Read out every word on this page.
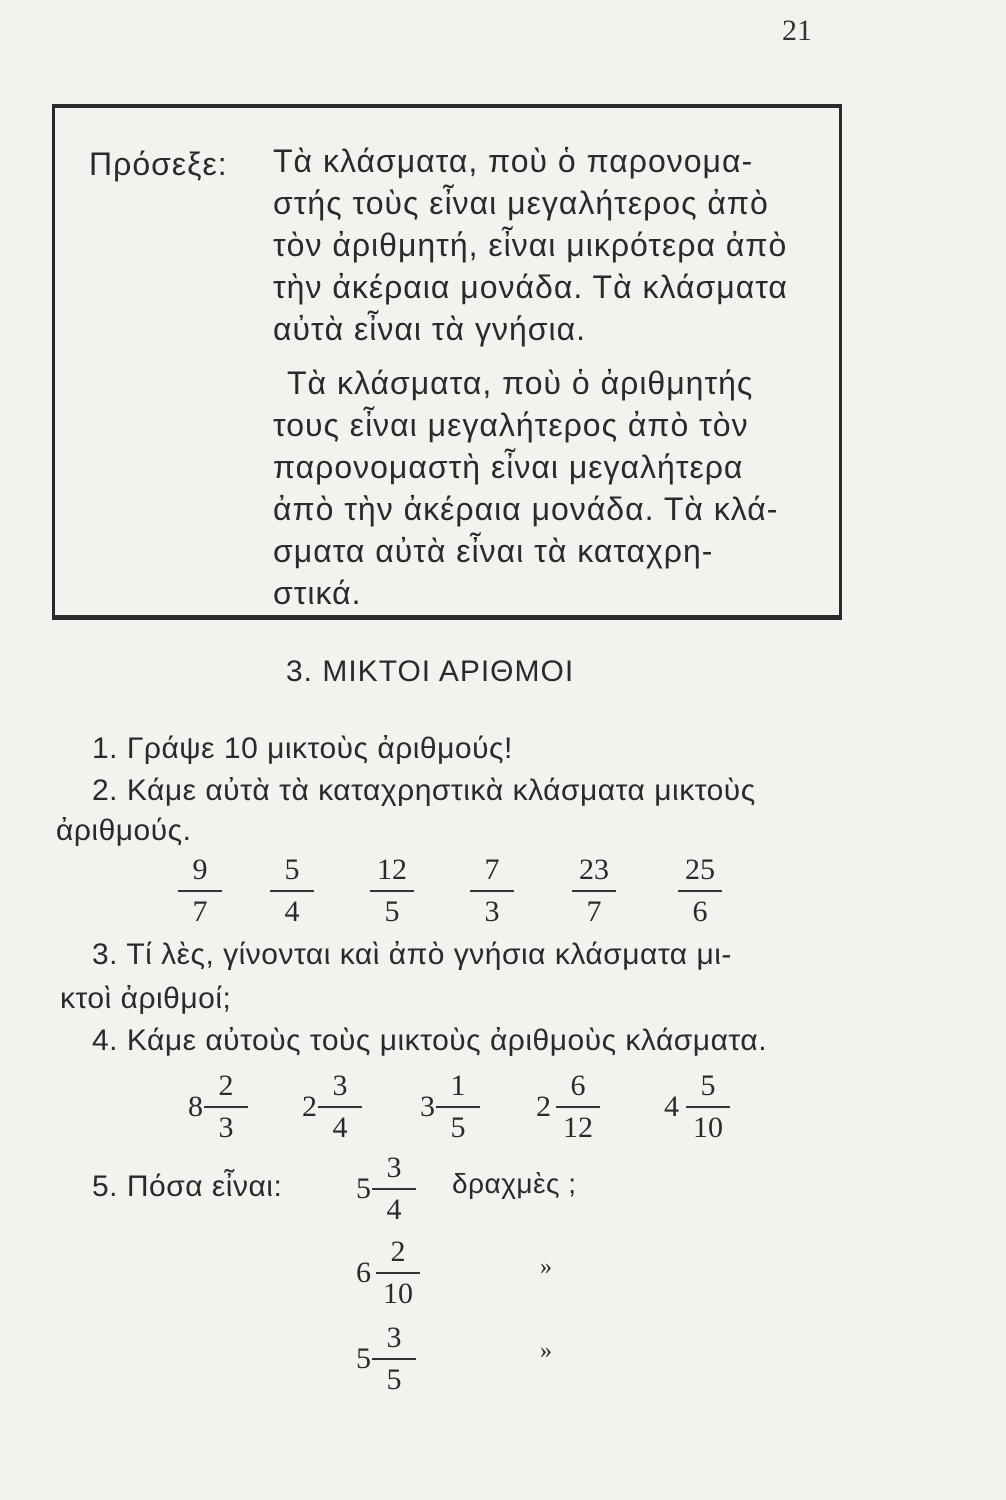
21
Πρόσεξε: Τὰ κλάσματα, ποὺ ὁ παρονομα-
στής τοὺς εἶναι μεγαλήτερος ἀπὸ
τὸν ἀριθμητή, εἶναι μικρότερα ἀπὸ
τὴν ἀκέραια μονάδα. Τὰ κλάσματα
αὐτὰ εἶναι τὰ γνήσια.
Τὰ κλάσματα, ποὺ ὁ ἀριθμητής
τους εἶναι μεγαλήτερος ἀπὸ τὸν
παρονομαστὴ εἶναι μεγαλήτερα
ἀπὸ τὴν ἀκέραια μονάδα. Τὰ κλά-
σματα αὐτὰ εἶναι τὰ καταχρη-
στικά.
3. ΜΙΚΤΟΙ ΑΡΙΘΜΟΙ
1. Γράψε 10 μικτοὺς ἀριθμούς!
2. Κάμε αὐτὰ τὰ καταχρηστικὰ κλάσματα μικτοὺς
ἀριθμούς.
9
7
5
4
12
5
7
3
23
7
25
6
3. Τί λὲς, γίνονται καὶ ἀπὸ γνήσια κλάσματα μι-
κτοὶ ἀριθμοί;
4. Κάμε αὐτοὺς τοὺς μικτοὺς ἀριθμοὺς κλάσματα.
8
2
3
2
3
4
3
1
5
2
6
12
4
5
10
5. Πόσα εἶναι: 5
3
4
δραχμὲς ;
6
2
10
»
5
3
5
»
